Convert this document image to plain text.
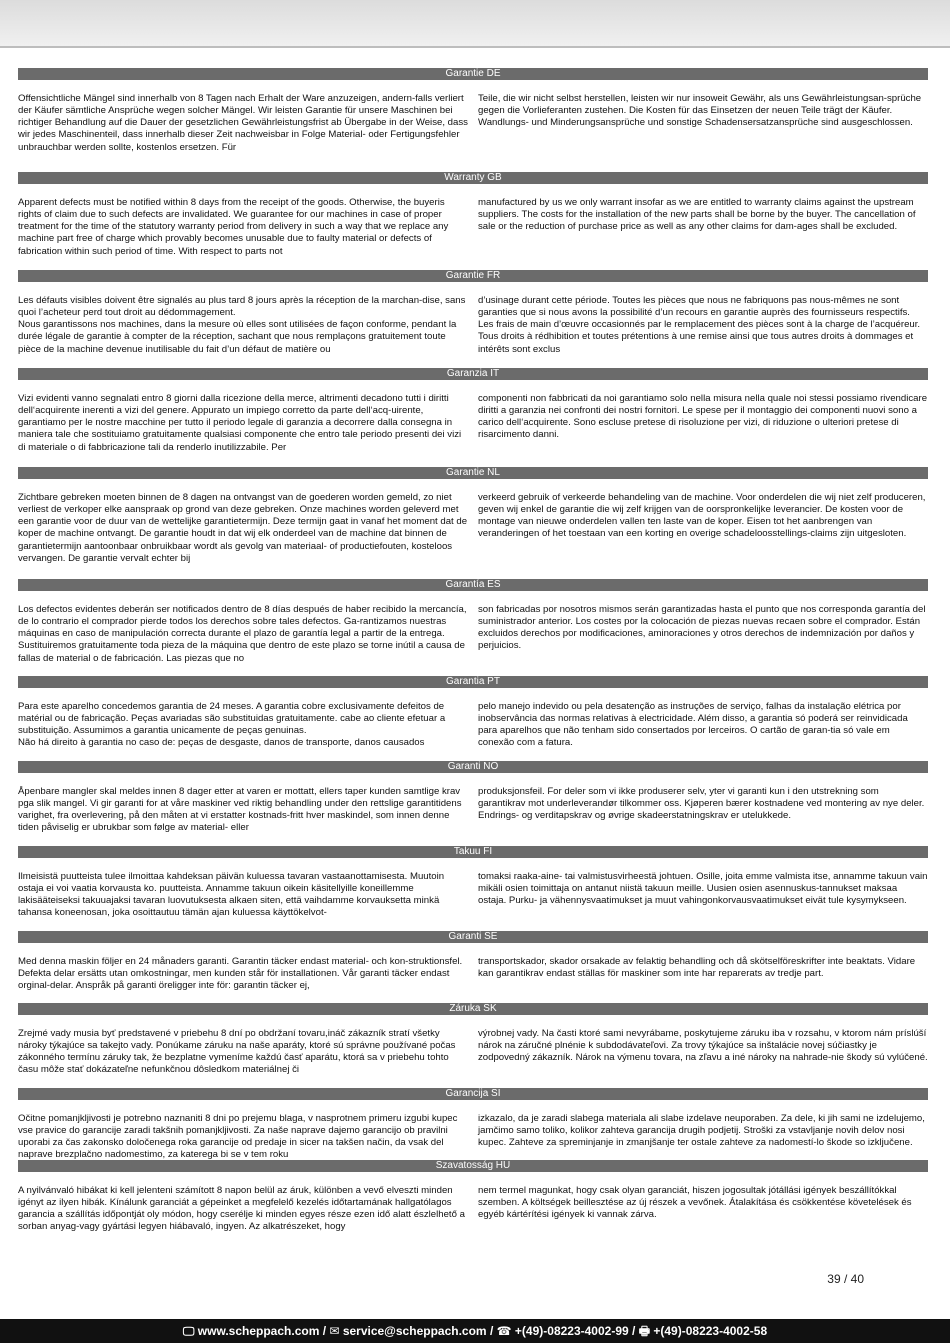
Garantie DE

Offensichtliche Mängel sind innerhalb von 8 Tagen nach Erhalt der Ware anzuzeigen, andern-falls verliert der Käufer sämtliche Ansprüche wegen solcher Mängel. Wir leisten Garantie für unsere Maschinen bei richtiger Behandlung auf die Dauer der gesetzlichen Gewährleistungsfrist ab Übergabe in der Weise, dass wir jedes Maschinenteil, dass innerhalb dieser Zeit nachweisbar in Folge Material- oder Fertigungsfehler unbrauchbar werden sollte, kostenlos ersetzen. Für

Teile, die wir nicht selbst herstellen, leisten wir nur insoweit Gewähr, als uns Gewährleistungsan-sprüche gegen die Vorlieferanten zustehen. Die Kosten für das Einsetzen der neuen Teile trägt der Käufer. Wandlungs- und Minderungsansprüche und sonstige Schadensersatzansprüche sind ausgeschlossen.

Warranty GB

Apparent defects must be notified within 8 days from the receipt of the goods. Otherwise, the buyeris rights of claim due to such defects are invalidated. We guarantee for our machines in case of proper treatment for the time of the statutory warranty period from delivery in such a way that we replace any machine part free of charge which provably becomes unusable due to faulty material or defects of fabrication within such period of time. With respect to parts not

manufactured by us we only warrant insofar as we are entitled to warranty claims against the upstream suppliers. The costs for the installation of the new parts shall be borne by the buyer. The cancellation of sale or the reduction of purchase price as well as any other claims for dam-ages shall be excluded.

Garantie FR

Les défauts visibles doivent être signalés au plus tard 8 jours après la réception de la marchan-dise, sans quoi l’acheteur perd tout droit au dédommagement.
Nous garantissons nos machines, dans la mesure où elles sont utilisées de façon conforme, pendant la durée légale de garantie à compter de la réception, sachant que nous remplaçons gratuitement toute pièce de la machine devenue inutilisable du fait d’un défaut de matière ou

d’usinage durant cette période. Toutes les pièces que nous ne fabriquons pas nous-mêmes ne sont garanties que si nous avons la possibilité d’un recours en garantie auprès des fournisseurs respectifs. Les frais de main d’œuvre occasionnés par le remplacement des pièces sont à la charge de l’acquéreur. Tous droits à rédhibition et toutes prétentions à une remise ainsi que tous autres droits à dommages et intérêts sont exclus

Garanzia IT

Vizi evidenti vanno segnalati entro 8 giorni dalla ricezione della merce, altrimenti decadono tutti i diritti dell‘acquirente inerenti a vizi del genere. Appurato un impiego corretto da parte dell‘acq-uirente, garantiamo per le nostre macchine per tutto il periodo legale di garanzia a decorrere dalla consegna in maniera tale che sostituiamo gratuitamente qualsiasi componente che entro tale periodo presenti dei vizi di materiale o di fabbricazione tali da renderlo inutilizzabile. Per

componenti non fabbricati da noi garantiamo solo nella misura nella quale noi stessi possiamo rivendicare diritti a garanzia nei confronti dei nostri fornitori. Le spese per il montaggio dei componenti nuovi sono a carico dell‘acquirente. Sono escluse pretese di risoluzione per vizi, di riduzione o ulteriori pretese di risarcimento danni.

Garantie NL

Zichtbare gebreken moeten binnen de 8 dagen na ontvangst van de goederen worden gemeld, zo niet verliest de verkoper elke aanspraak op grond van deze gebreken. Onze machines worden geleverd met een garantie voor de duur van de wettelijke garantietermijn. Deze termijn gaat in vanaf het moment dat de koper de machine ontvangt. De garantie houdt in dat wij elk onderdeel van de machine dat binnen de garantietermijn aantoonbaar onbruikbaar wordt als gevolg van materiaal- of productiefouten, kosteloos vervangen. De garantie vervalt echter bij

verkeerd gebruik of verkeerde behandeling van de machine. Voor onderdelen die wij niet zelf produceren, geven wij enkel de garantie die wij zelf krijgen van de oorspronkelijke leverancier. De kosten voor de montage van nieuwe onderdelen vallen ten laste van de koper. Eisen tot het aanbrengen van veranderingen of het toestaan van een korting en overige schadeloosstellings-claims zijn uitgesloten.

Garantía ES

Los defectos evidentes deberán ser notificados dentro de 8 días después de haber recibido la mercancía, de lo contrario el comprador pierde todos los derechos sobre tales defectos. Ga-rantizamos nuestras máquinas en caso de manipulación correcta durante el plazo de garantía legal a partir de la entrega. Sustituiremos gratuitamente toda pieza de la máquina que dentro de este plazo se torne inútil a causa de fallas de material o de fabricación. Las piezas que no

son fabricadas por nosotros mismos serán garantizadas hasta el punto que nos corresponda garantía del suministrador anterior. Los costes por la colocación de piezas nuevas recaen sobre el comprador. Están excluidos derechos por modificaciones, aminoraciones y otros derechos de indemnización por daños y perjuicios.

Garantia PT

Para este aparelho concedemos garantia de 24 meses. A garantia cobre exclusivamente defeitos de matérial ou de fabricação. Peças avariadas são substituidas gratuitamente. cabe ao cliente efetuar a substituição. Assumimos a garantia unicamente de peças genuinas.
Não há direito à garantia no caso de: peças de desgaste, danos de transporte, danos causados

pelo manejo indevido ou pela desatenção as instruções de serviço, falhas da instalação elétrica por inobservância das normas relativas à electricidade. Além disso, a garantia só poderá ser reinvidicada para aparelhos que não tenham sido consertados por lerceiros. O cartão de garan-tia só vale em conexão com a fatura.

Garanti NO

Åpenbare mangler skal meldes innen 8 dager etter at varen er mottatt, ellers taper kunden samtlige krav pga slik mangel. Vi gir garanti for at våre maskiner ved riktig behandling under den rettslige garantitidens varighet, fra overlevering, på den måten at vi erstatter kostnads-fritt hver maskindel, som innen denne tiden påviselig er ubrukbar som følge av material- eller

produksjonsfeil. For deler som vi ikke produserer selv, yter vi garanti kun i den utstrekning som garantikrav mot underleverandør tilkommer oss. Kjøperen bærer kostnadene ved montering av nye deler. Endrings- og verditapskrav og øvrige skadeerstatningskrav er utelukkede.

Takuu FI

Ilmeisistä puutteista tulee ilmoittaa kahdeksan päivän kuluessa tavaran vastaanottamisesta. Muutoin ostaja ei voi vaatia korvausta ko. puutteista. Annamme takuun oikein käsitellyille koneillemme lakisääteiseksi takuuajaksi tavaran luovutuksesta alkaen siten, että vaihdamme korvauksetta minkä tahansa koneenosan, joka osoittautuu tämän ajan kuluessa käyttökelvot-

tomaksi raaka-aine- tai valmistusvirheestä johtuen. Osille, joita emme valmista itse, annamme takuun vain mikäli osien toimittaja on antanut niistä takuun meille. Uusien osien asennuskus-tannukset maksaa ostaja. Purku- ja vähennysvaatimukset ja muut vahingonkorvausvaatimukset eivät tule kysymykseen.

Garanti SE

Med denna maskin följer en 24 månaders garanti. Garantin täcker endast material- och kon-struktionsfel. Defekta delar ersätts utan omkostningar, men kunden står för installationen. Vår garanti täcker endast orginal-delar. Anspråk på garanti öreligger inte för: garantin täcker ej,

transportskador, skador orsakade av felaktig behandling och då skötselföreskrifter inte beaktats. Vidare kan garantikrav endast ställas för maskiner som inte har reparerats av tredje part.

Záruka SK

Zrejmé vady musia byť predstavené v priebehu 8 dní po obdržaní tovaru,ináč zákazník stratí všetky nároky týkajúce sa takejto vady. Ponúkame záruku na naše aparáty, ktoré sú správne používané počas zákonného termínu záruky tak, že bezplatne vymeníme každú časť aparátu, ktorá sa v priebehu tohto času môže stať dokázateľne nefunkčnou dôsledkom materiálnej či

výrobnej vady. Na časti ktoré sami nevyrábame, poskytujeme záruku iba v rozsahu, v ktorom nám príslúší nárok na záručné plnénie k subdodávateľovi. Za trovy týkajúce sa inštalácie novej súčiastky je zodpovedný zákazník. Nárok na výmenu tovara, na zľavu a iné nároky na nahrade-nie škody sú vylúčené.

Garancija SI

Očitne pomanjkljivosti je potrebno naznaniti 8 dni po prejemu blaga, v nasprotnem primeru izgubi kupec vse pravice do garancije zaradi takšnih pomanjkljivosti. Za naše naprave dajemo garancijo ob pravilni uporabi za čas zakonsko določenega roka garancije od predaje in sicer na takšen način, da vsak del naprave brezplačno nadomestimo, za katerega bi se v tem roku

izkazalo, da je zaradi slabega materiala ali slabe izdelave neuporaben. Za dele, ki jih sami ne izdelujemo, jamčimo samo toliko, kolikor zahteva garancija drugih podjetij. Stroški za vstavljanje novih delov nosi kupec. Zahteve za spreminjanje in zmanjšanje ter ostale zahteve za nadomestí-lo škode so izključene.

Szavatosság HU

A nyilvánvaló hibákat ki kell jelenteni számított 8 napon belül az áruk, különben a vevő elveszti minden igényt az ilyen hibák. Kínálunk garanciát a gépeinket a megfelelő kezelés időtartamának hallgatólagos garancia a szállítás időpontját oly módon, hogy cserélje ki minden egyes része ezen idő alatt észlelhető a sorban anyag-vagy gyártási legyen hiábavaló, ingyen. Az alkatrészeket, hogy

nem termel magunkat, hogy csak olyan garanciát, hiszen jogosultak jótállási igények beszállítókkal szemben. A költségek beillesztése az új részek a vevőnek. Átalakítása és csökkentése követelések és egyéb kártérítési igények ki vannak zárva.

39 / 40
🖵 www.scheppach.com / ✉ service@scheppach.com / ☎ +(49)-08223-4002-99 / 🖶 +(49)-08223-4002-58
